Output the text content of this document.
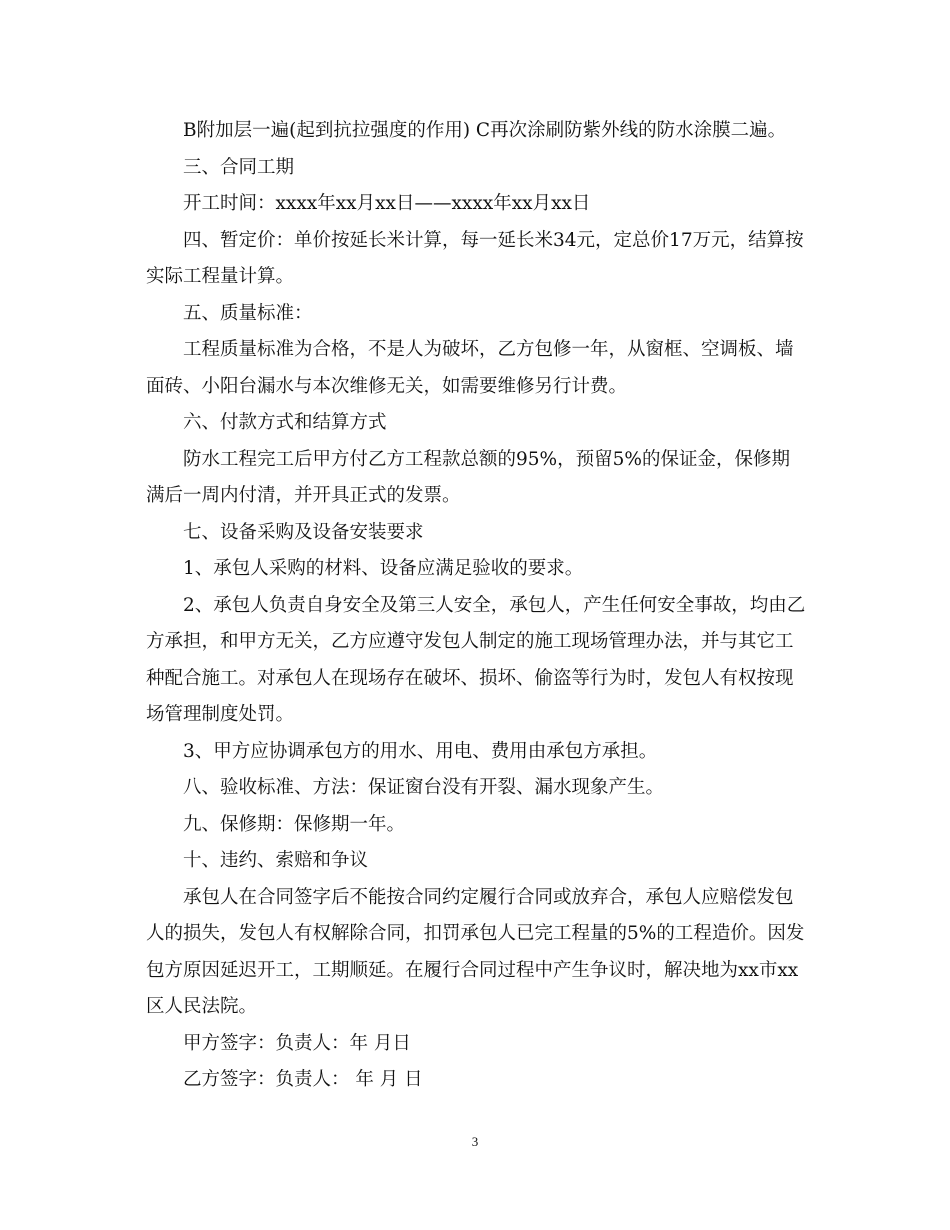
B附加层一遍(起到抗拉强度的作用) C再次涂刷防紫外线的防水涂膜二遍。

三、合同工期

开工时间：xxxx年xx月xx日——xxxx年xx月xx日

四、暂定价：单价按延长米计算，每一延长米34元，定总价17万元，结算按实际工程量计算。

五、质量标准：

工程质量标准为合格，不是人为破坏，乙方包修一年，从窗框、空调板、墙面砖、小阳台漏水与本次维修无关，如需要维修另行计费。

六、付款方式和结算方式

防水工程完工后甲方付乙方工程款总额的95%，预留5%的保证金，保修期满后一周内付清，并开具正式的发票。

七、设备采购及设备安装要求

1、承包人采购的材料、设备应满足验收的要求。

2、承包人负责自身安全及第三人安全，承包人，产生任何安全事故，均由乙方承担，和甲方无关，乙方应遵守发包人制定的施工现场管理办法，并与其它工种配合施工。对承包人在现场存在破坏、损坏、偷盗等行为时，发包人有权按现场管理制度处罚。

3、甲方应协调承包方的用水、用电、费用由承包方承担。

八、验收标准、方法：保证窗台没有开裂、漏水现象产生。

九、保修期：保修期一年。

十、违约、索赔和争议

承包人在合同签字后不能按合同约定履行合同或放弃合，承包人应赔偿发包人的损失，发包人有权解除合同，扣罚承包人已完工程量的5%的工程造价。因发包方原因延迟开工，工期顺延。在履行合同过程中产生争议时，解决地为xx市xx区人民法院。

甲方签字：负责人：年 月日

乙方签字：负责人： 年 月 日

3
